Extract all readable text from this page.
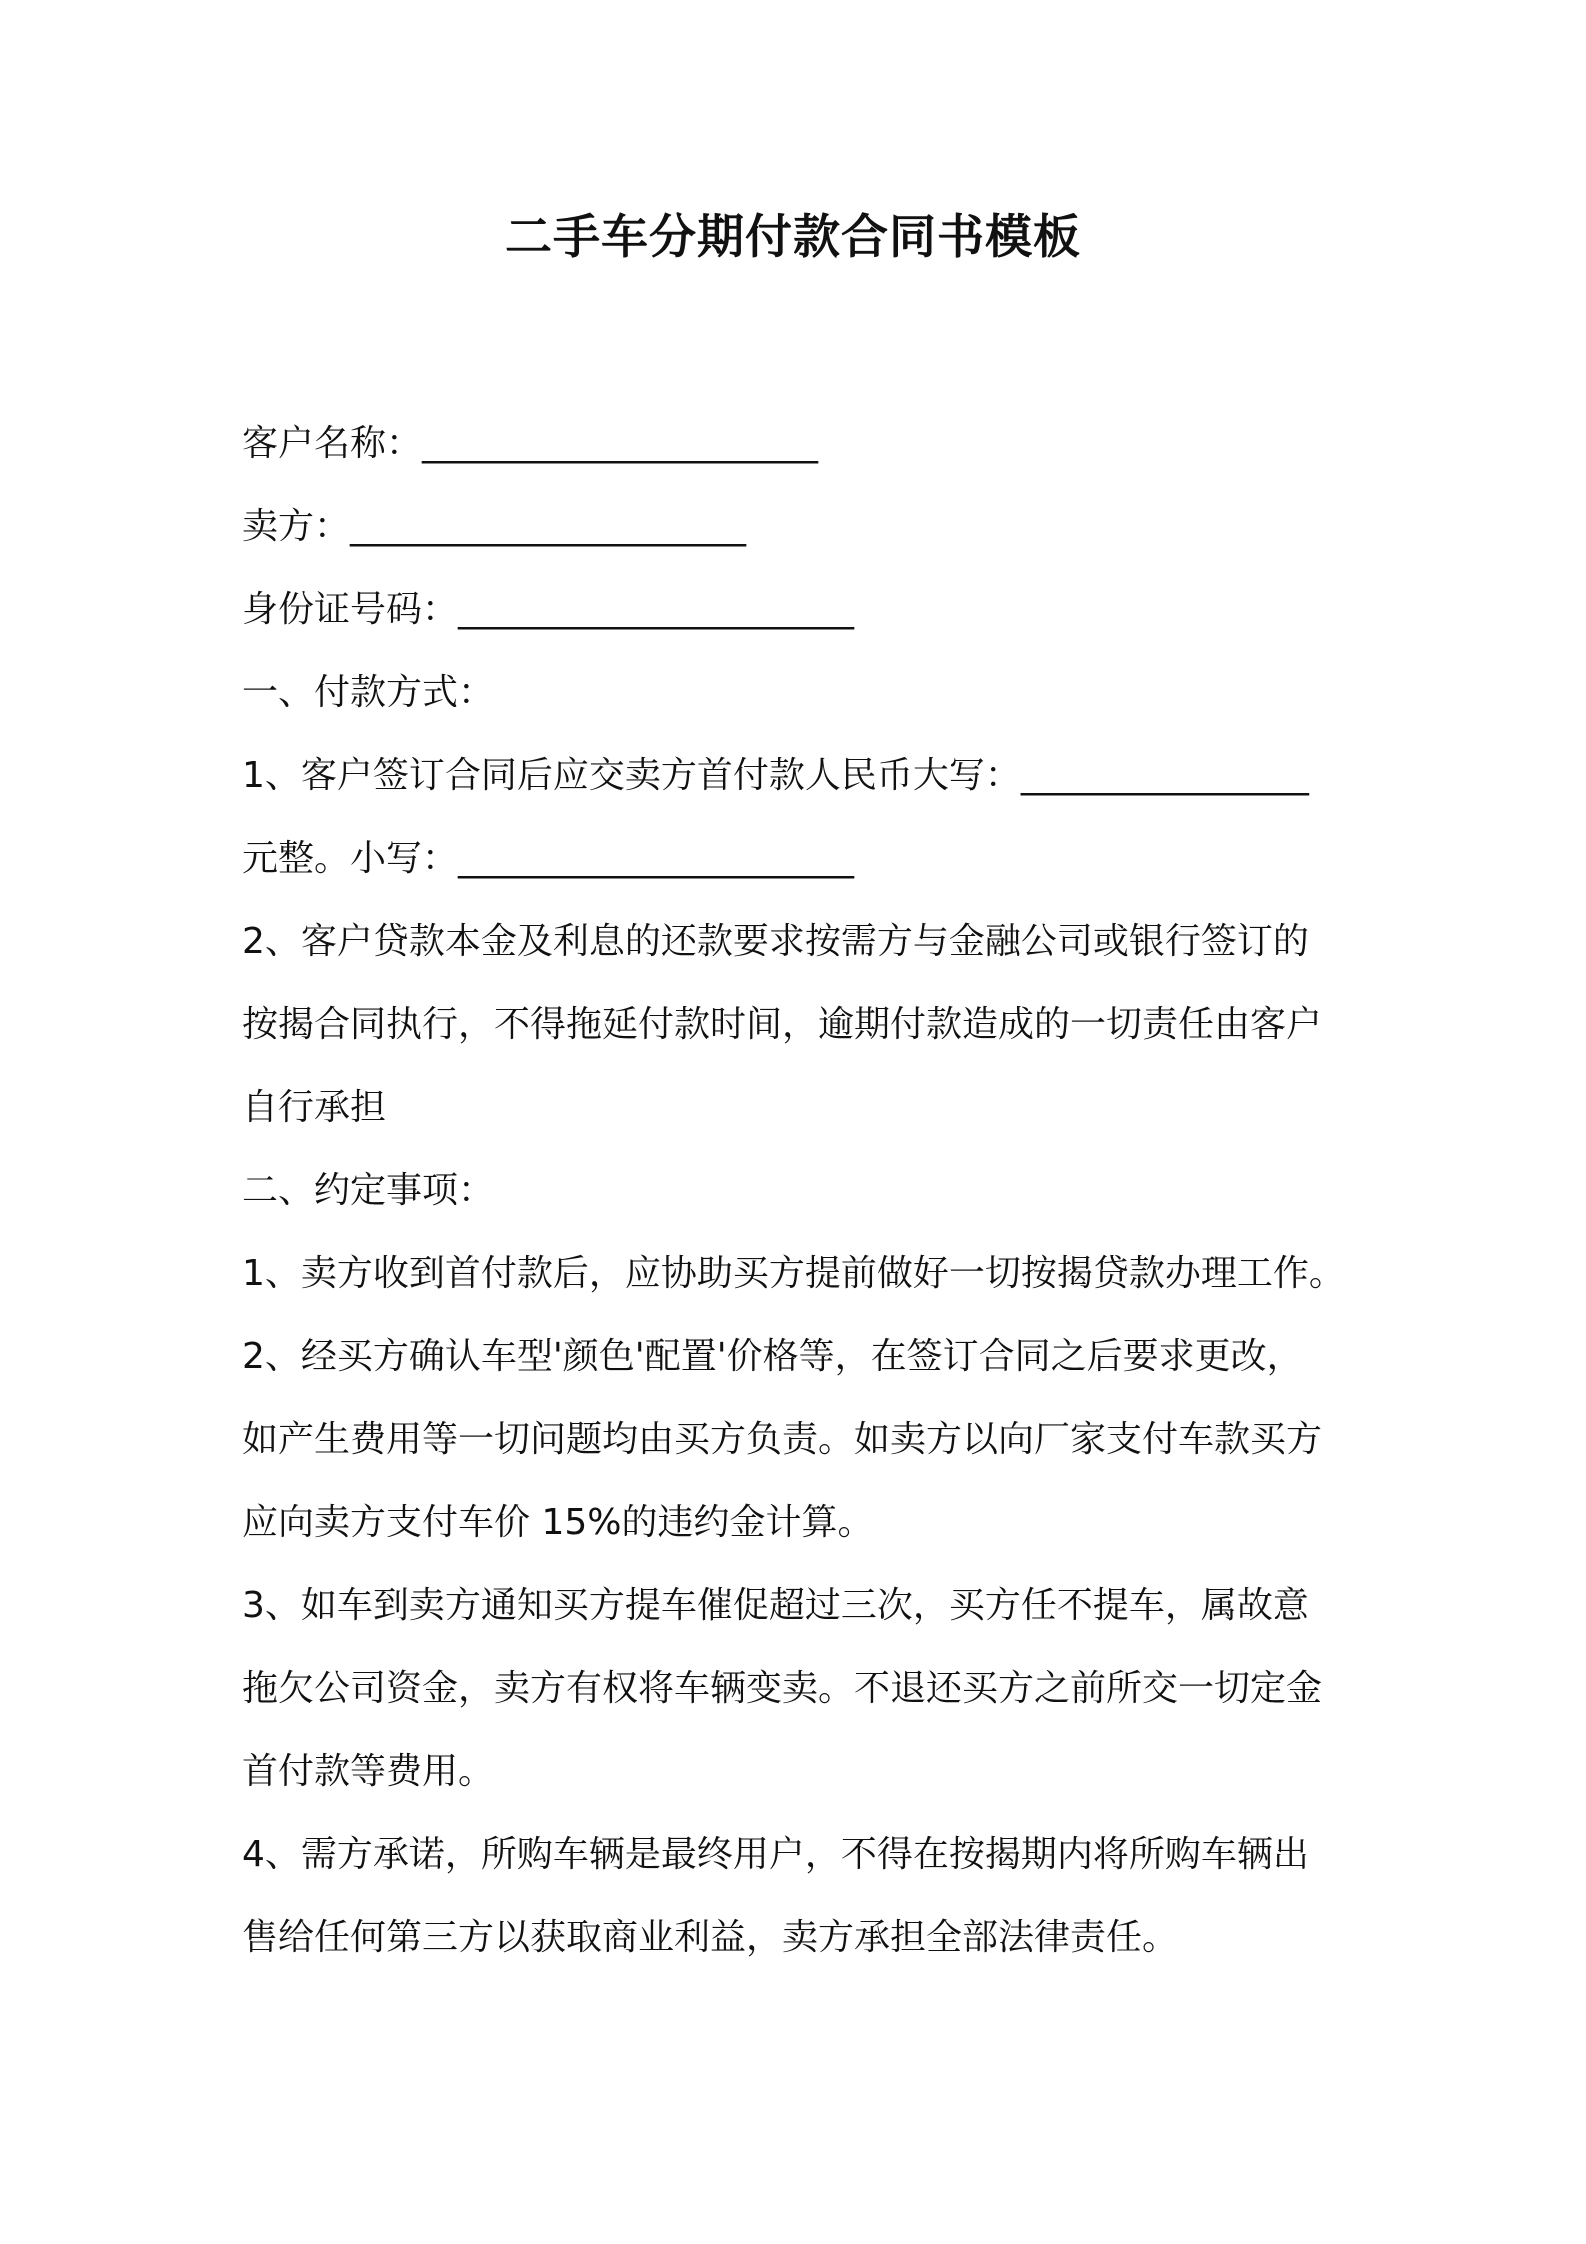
二手车分期付款合同书模板
客户名称：______________________
卖方：______________________
身份证号码：______________________
一、付款方式：
1、客户签订合同后应交卖方首付款人民币大写：________________
元整。小写：______________________
2、客户贷款本金及利息的还款要求按需方与金融公司或银行签订的
按揭合同执行，不得拖延付款时间，逾期付款造成的一切责任由客户
自行承担
二、约定事项：
1、卖方收到首付款后，应协助买方提前做好一切按揭贷款办理工作。
2、经买方确认车型'颜色'配置'价格等，在签订合同之后要求更改，
如产生费用等一切问题均由买方负责。如卖方以向厂家支付车款买方
应向卖方支付车价 15%的违约金计算。
3、如车到卖方通知买方提车催促超过三次，买方任不提车，属故意
拖欠公司资金，卖方有权将车辆变卖。不退还买方之前所交一切定金
首付款等费用。
4、需方承诺，所购车辆是最终用户，不得在按揭期内将所购车辆出
售给任何第三方以获取商业利益，卖方承担全部法律责任。
